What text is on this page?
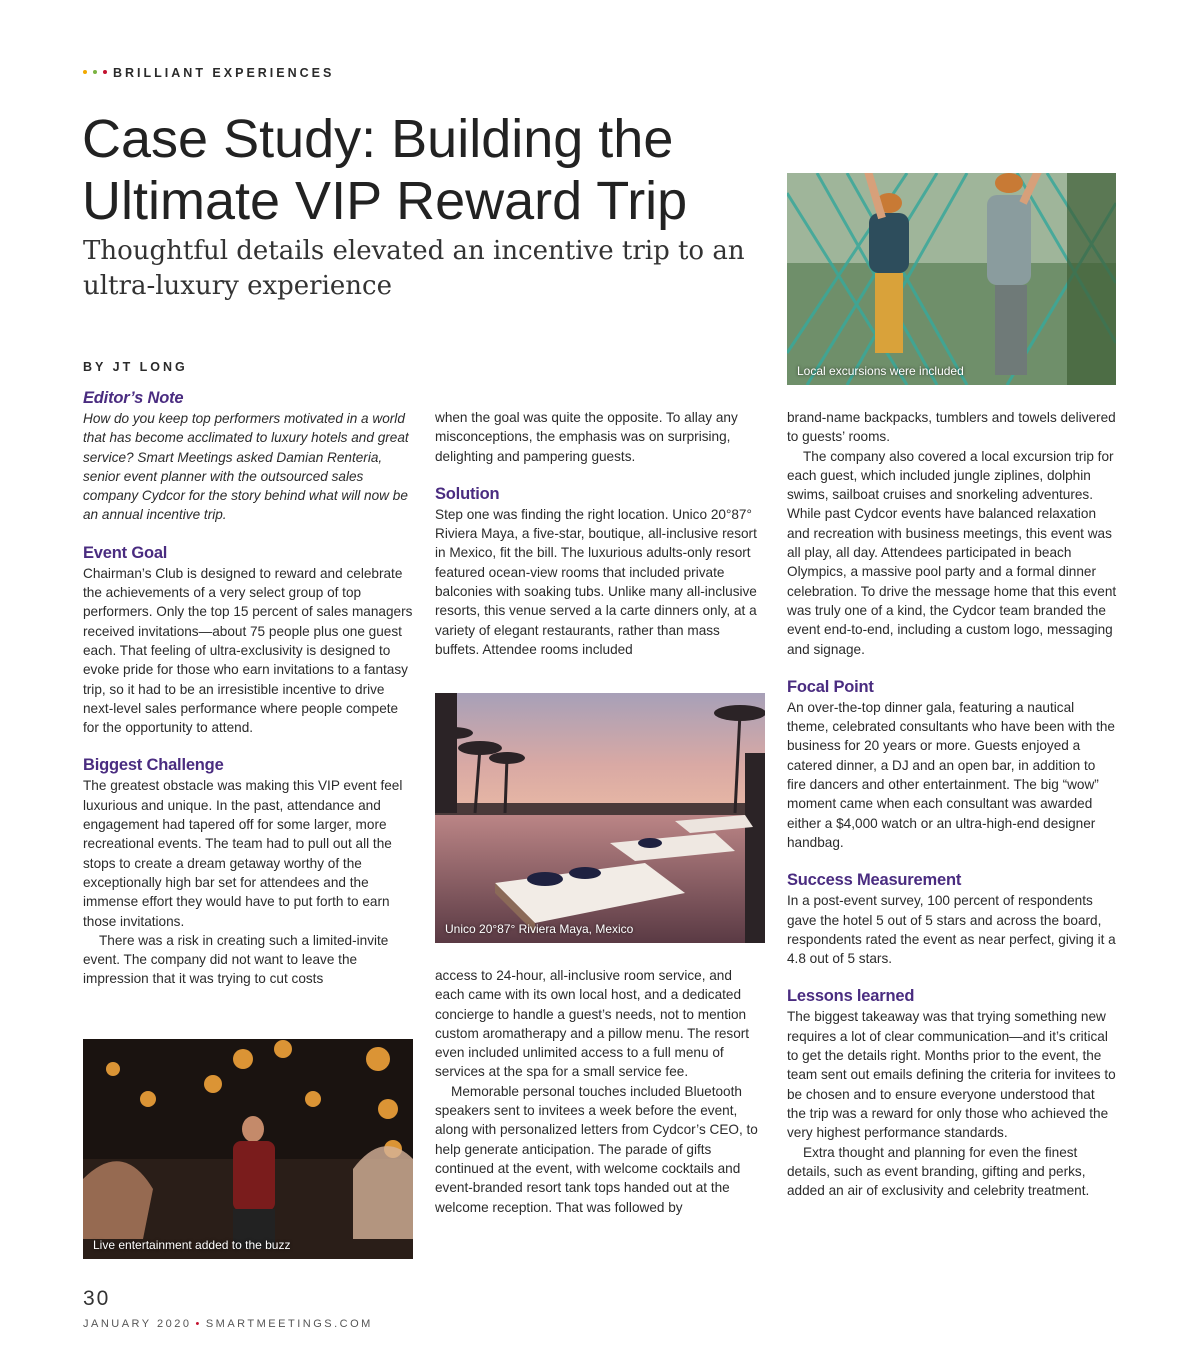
BRILLIANT EXPERIENCES
Case Study: Building the Ultimate VIP Reward Trip

Thoughtful details elevated an incentive trip to an ultra-luxury experience

BY JT LONG	Local excursions were included
Editor’s Note

How do you keep top performers motivated in a world that has become acclimated to luxury hotels and great service? Smart Meetings asked Damian Renteria, senior event planner with the outsourced sales company Cydcor for the story behind what will now be an annual incentive trip.

Event Goal

Chairman’s Club is designed to reward and celebrate the achievements of a very select group of top performers. Only the top 15 percent of sales managers received invitations—about 75 people plus one guest each. That feeling of ultra-exclusivity is designed to evoke pride for those who earn invitations to a fantasy trip, so it had to be an irresistible incentive to drive next-level sales performance where people compete for the opportunity to attend.

Biggest Challenge

The greatest obstacle was making this VIP event feel luxurious and unique. In the past, attendance and engagement had tapered off for some larger, more recreational events. The team had to pull out all the stops to create a dream getaway worthy of the exceptionally high bar set for attendees and the immense effort they would have to put forth to earn those invitations.

There was a risk in creating such a limited-invite event. The company did not want to leave the impression that it was trying to cut costs

Live entertainment added to the buzz

when the goal was quite the opposite. To allay any misconceptions, the emphasis was on surprising, delighting and pampering guests.

Solution

Step one was finding the right location. Unico 20°87° Riviera Maya, a five-star, boutique, all-inclusive resort in Mexico, fit the bill. The luxurious adults-only resort featured ocean-view rooms that included private balconies with soaking tubs. Unlike many all-inclusive resorts, this venue served a la carte dinners only, at a variety of elegant restaurants, rather than mass buffets. Attendee rooms included

Unico 20°87° Riviera Maya, Mexico

access to 24-hour, all-inclusive room service, and each came with its own local host, and a dedicated concierge to handle a guest’s needs, not to mention custom aromatherapy and a pillow menu. The resort even included unlimited access to a full menu of services at the spa for a small service fee.

Memorable personal touches included Bluetooth speakers sent to invitees a week before the event, along with personalized letters from Cydcor’s CEO, to help generate anticipation. The parade of gifts continued at the event, with welcome cocktails and event-branded resort tank tops handed out at the welcome reception. That was followed by

brand-name backpacks, tumblers and towels delivered to guests’ rooms.

The company also covered a local excursion trip for each guest, which included jungle ziplines, dolphin swims, sailboat cruises and snorkeling adventures. While past Cydcor events have balanced relaxation and recreation with business meetings, this event was all play, all day. Attendees participated in beach Olympics, a massive pool party and a formal dinner celebration. To drive the message home that this event was truly one of a kind, the Cydcor team branded the event end-to-end, including a custom logo, messaging and signage.

Focal Point

An over-the-top dinner gala, featuring a nautical theme, celebrated consultants who have been with the business for 20 years or more. Guests enjoyed a catered dinner, a DJ and an open bar, in addition to fire dancers and other entertainment. The big “wow” moment came when each consultant was awarded either a $4,000 watch or an ultra-high-end designer handbag.

Success Measurement

In a post-event survey, 100 percent of respondents gave the hotel 5 out of 5 stars and across the board, respondents rated the event as near perfect, giving it a 4.8 out of 5 stars.

Lessons learned

The biggest takeaway was that trying something new requires a lot of clear communication—and it’s critical to get the details right. Months prior to the event, the team sent out emails defining the criteria for invitees to be chosen and to ensure everyone understood that the trip was a reward for only those who achieved the very highest performance standards.

Extra thought and planning for even the finest details, such as event branding, gifting and perks, added an air of exclusivity and celebrity treatment.

30
JANUARY 2020 • SMARTMEETINGS.COM
